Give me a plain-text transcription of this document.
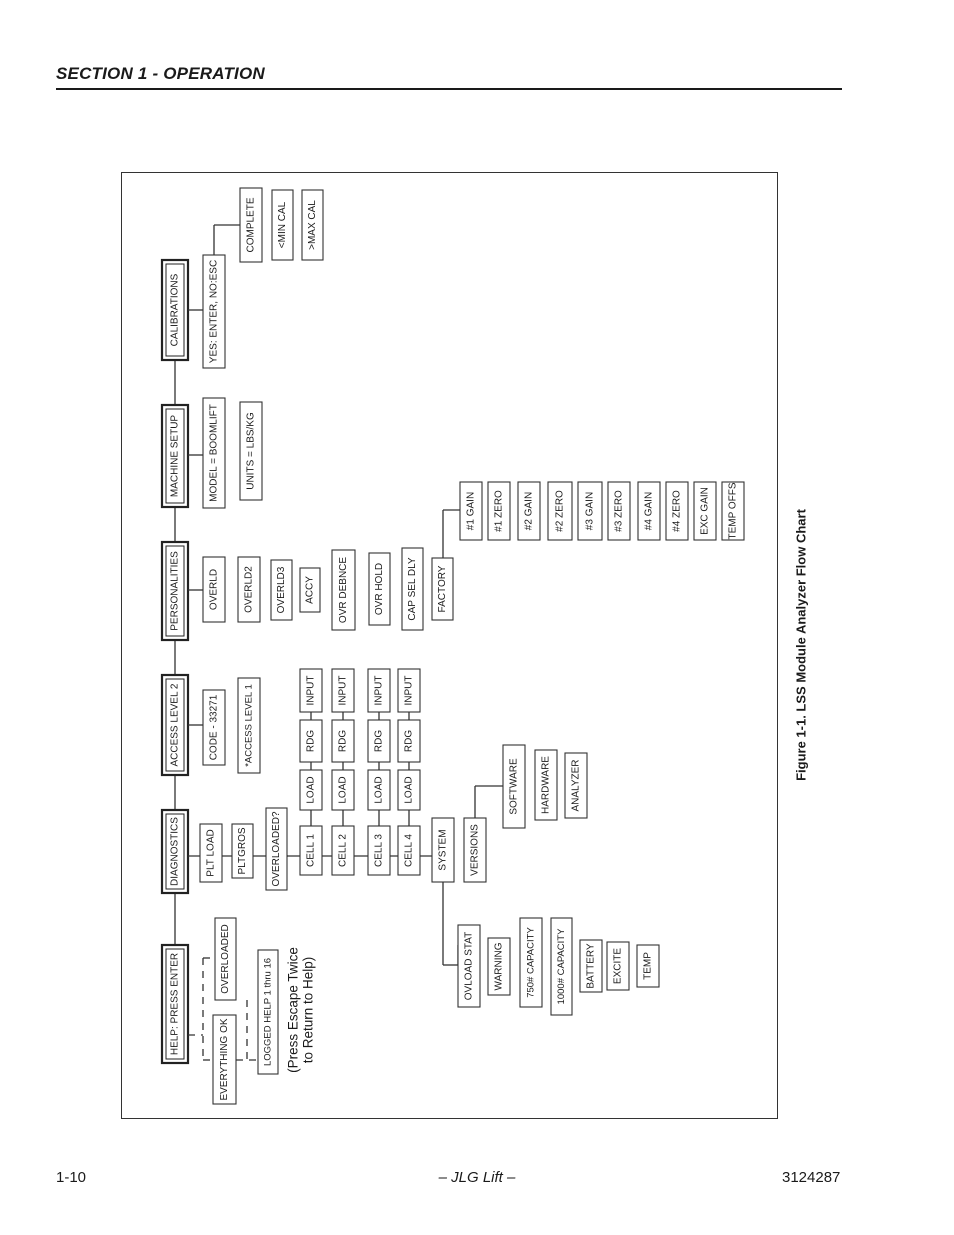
SECTION 1 - OPERATION
HELP: PRESS ENTER
DIAGNOSTICS
ACCESS LEVEL 2
PERSONALITIES
MACHINE SETUP
CALIBRATIONS
EVERYTHING OK
OVERLOADED	LOGGED HELP 1 thru 16 (Press Escape Twice to Return to Help)
PLT LOAD PLTGROS OVERLOADED? CELL 1
LOAD
RDG
INPUT
CELL 2
LOAD
RDG
INPUT
CELL 3
LOAD
RDG
INPUT
CELL 4
LOAD
RDG
INPUT
SYSTEM
OVLOAD STAT WARNING 750# CAPACITY 1000# CAPACITY BATTERY EXCITE TEMP
VERSIONS
SOFTWARE HARDWARE ANALYZER
CODE - 33271	*ACCESS LEVEL 1
OVERLD OVERLD2 OVERLD3 ACCY OVR DEBNCE	OVR HOLD CAP SEL DLY FACTORY
#1 GAIN #1 ZERO #2 GAIN #2 ZERO #3 GAIN #3 ZERO #4 GAIN #4 ZERO EXC GAIN TEMP OFFS
MODEL = BOOMLIFT	UNITS = LBS/KG
YES: ENTER, NO:ESC
COMPLETE <MIN CAL >MAX CAL
Figure 1-1. LSS Module Analyzer Flow Chart
1-10	– JLG Lift –	3124287
